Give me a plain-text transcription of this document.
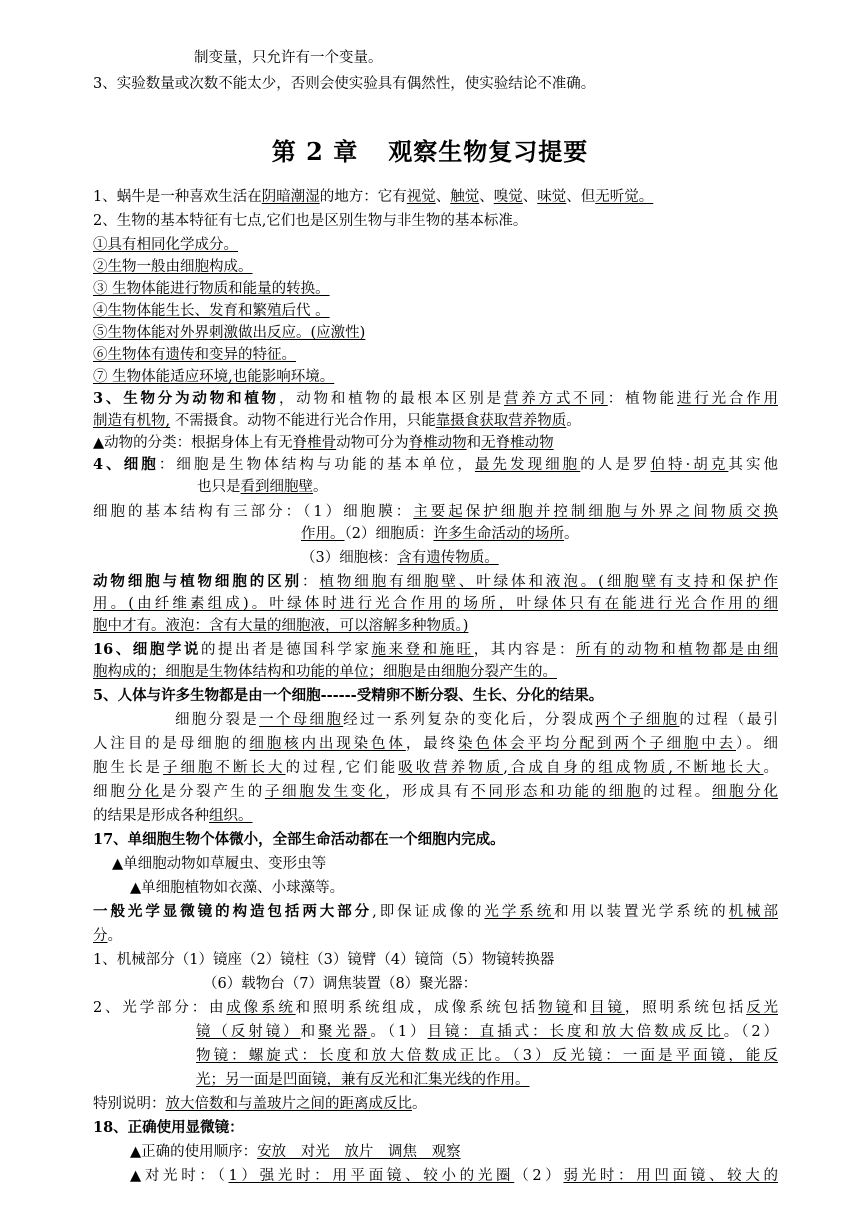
制变量，只允许有一个变量。
3、实验数量或次数不能太少，否则会使实验具有偶然性，使实验结论不准确。
第 2 章 观察生物复习提要
1、蜗牛是一种喜欢生活在阴暗潮湿的地方：它有视觉、触觉、嗅觉、味觉、但无听觉。
2、生物的基本特征有七点,它们也是区别生物与非生物的基本标准。
①具有相同化学成分。
②生物一般由细胞构成。
③ 生物体能进行物质和能量的转换。
④生物体能生长、发育和繁殖后代 。
⑤生物体能对外界刺激做出反应。(应激性)
⑥生物体有遗传和变异的特征。
⑦ 生物体能适应环境,也能影响环境。
3、生物分为动物和植物，动物和植物的最根本区别是营养方式不同：植物能进行光合作用
制造有机物, 不需摄食。动物不能进行光合作用，只能靠摄食获取营养物质。
▲动物的分类：根据身体上有无脊椎骨动物可分为脊椎动物和无脊椎动物
4、细胞：细胞是生物体结构与功能的基本单位，最先发现细胞的人是罗伯特·胡克其实他
也只是看到细胞壁。
细胞的基本结构有三部分：（1）细胞膜：主要起保护细胞并控制细胞与外界之间物质交换
作用。（2）细胞质：许多生命活动的场所。
（3）细胞核：含有遗传物质。
动物细胞与植物细胞的区别：植物细胞有细胞壁、叶绿体和液泡。(细胞壁有支持和保护作
用。(由纤维素组成)。叶绿体时进行光合作用的场所，叶绿体只有在能进行光合作用的细
胞中才有。液泡：含有大量的细胞液，可以溶解多种物质。)
16、细胞学说的提出者是德国科学家施来登和施旺，其内容是：所有的动物和植物都是由细
胞构成的；细胞是生物体结构和功能的单位；细胞是由细胞分裂产生的。
5、人体与许多生物都是由一个细胞------受精卵不断分裂、生长、分化的结果。
细胞分裂是一个母细胞经过一系列复杂的变化后，分裂成两个子细胞的过程（最引
人注目的是母细胞的细胞核内出现染色体，最终染色体会平均分配到两个子细胞中去）。细
胞生长是子细胞不断长大的过程,它们能吸收营养物质,合成自身的组成物质,不断地长大。
细胞分化是分裂产生的子细胞发生变化，形成具有不同形态和功能的细胞的过程。细胞分化
的结果是形成各种组织。
17、单细胞生物个体微小，全部生命活动都在一个细胞内完成。
▲单细胞动物如草履虫、变形虫等
▲单细胞植物如衣藻、小球藻等。
一般光学显微镜的构造包括两大部分,即保证成像的光学系统和用以装置光学系统的机械部
分。
1、机械部分（1）镜座（2）镜柱（3）镜臂（4）镜筒（5）物镜转换器
（6）载物台（7）调焦装置（8）聚光器：
2、光学部分：由成像系统和照明系统组成，成像系统包括物镜和目镜，照明系统包括反光
镜（反射镜）和聚光器。（1）目镜：直插式：长度和放大倍数成反比。（2）
物镜：螺旋式：长度和放大倍数成正比。（3）反光镜：一面是平面镜，能反
光；另一面是凹面镜，兼有反光和汇集光线的作用。
特别说明：放大倍数和与盖玻片之间的距离成反比。
18、正确使用显微镜：
▲正确的使用顺序：安放 对光 放片 调焦 观察
▲对光时：（1）强光时：用平面镜、较小的光圈（2）弱光时：用凹面镜、较大的
